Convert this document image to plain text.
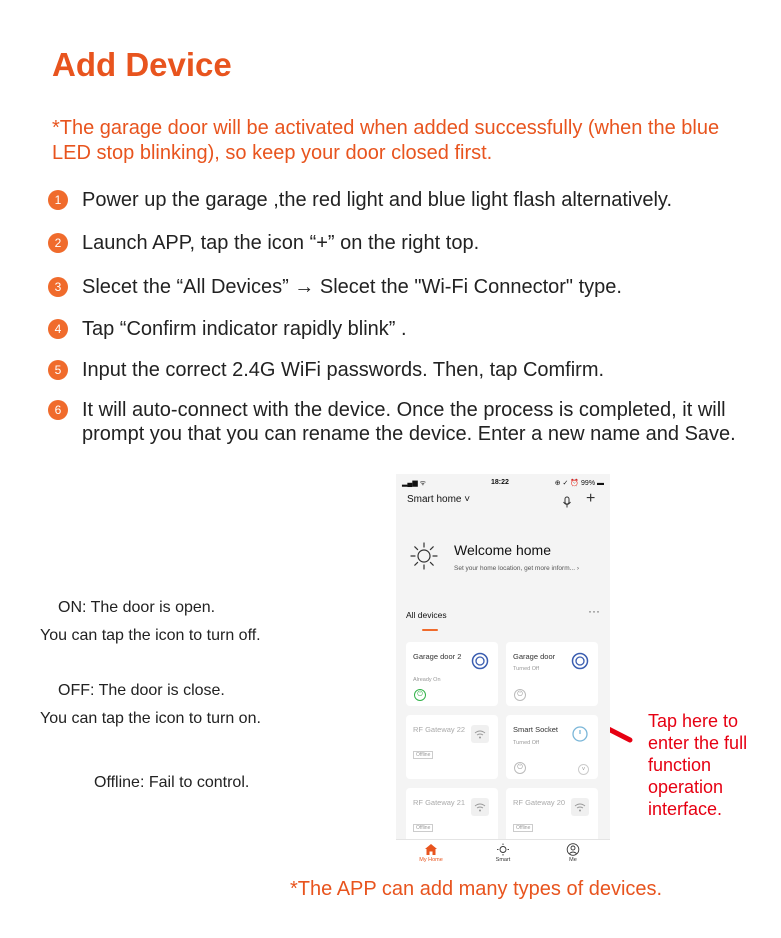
Add Device
*The garage door will be activated when added successfully (when the blue LED stop blinking), so keep your door closed first.
1	Power up the garage ,the red light and blue light flash alternatively.
2	Launch APP, tap the icon “+” on the right top.
3	Slecet the “All Devices” → Slecet the "Wi-Fi Connector" type.
4	Tap “Confirm indicator rapidly blink” .
5	Input the correct 2.4G WiFi passwords. Then, tap Comfirm.
6	It will auto-connect with the device. Once the process is completed, it will prompt you that you can rename the device. Enter a new name and Save.
ON: The door is open.
You can tap the icon to turn off.
OFF: The door is close.
You can tap the icon to turn on.
Offline: Fail to control.
Tap here to enter the full function operation interface.
▂▄▆ ᯤ	18:22	⊕ ✓ ⏰ 99% ▬
Smart home ˅	+
Welcome home
Set your home location, get more inform... ›
All devices	···
Garage door 2
Already On
⏻
Garage door
Turned Off
⏻
RF Gateway 22
Offline
Smart Socket
Turned Off
⏻	˅
RF Gateway 21
Offline
RF Gateway 20
Offline
My Home	Smart	Me
*The APP can add many types of devices.
